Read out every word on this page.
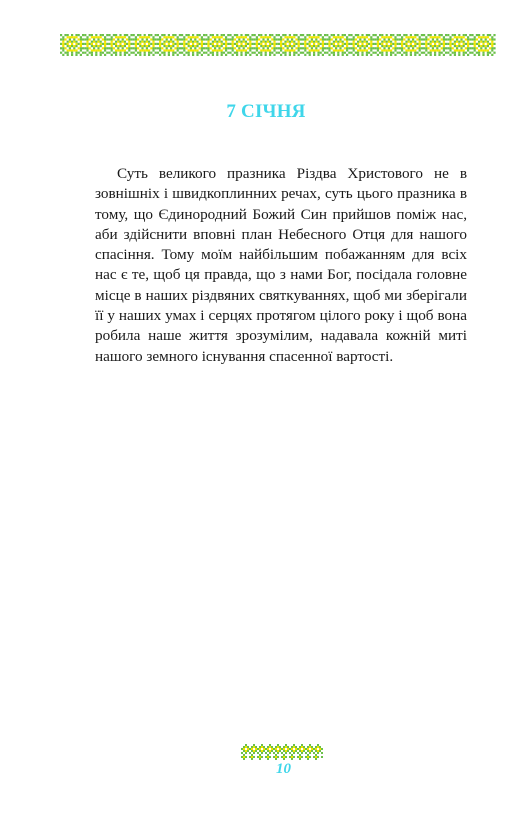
7 СІЧНЯ
Суть великого празника Різдва Христового не в зовнішніх і швидкоплинних речах, суть цього празника в тому, що Єдинородний Божий Син прийшов поміж нас, аби здійснити вповні план Небесного Отця для нашого спасіння. Тому моїм найбільшим побажанням для всіх нас є те, щоб ця правда, що з нами Бог, посідала головне місце в наших різдвяних святкуваннях, щоб ми зберігали її у наших умах і серцях протягом цілого року і щоб вона робила наше життя зрозумілим, надавала кожній миті нашого земного існування спасенної вартості.
10
